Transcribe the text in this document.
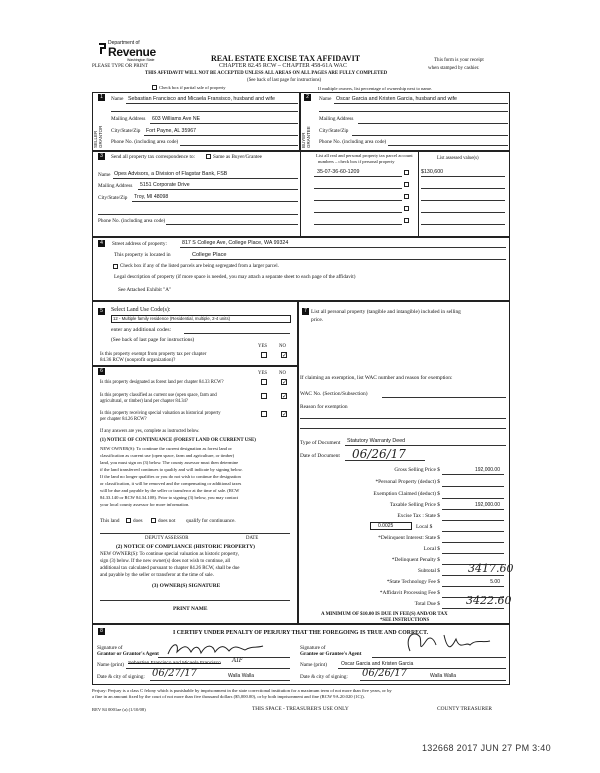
Department of
Revenue
Washington State
PLEASE TYPE OR PRINT
REAL ESTATE EXCISE TAX AFFIDAVIT
CHAPTER 82.45 RCW – CHAPTER 458-61A WAC
THIS AFFIDAVIT WILL NOT BE ACCEPTED UNLESS ALL AREAS ON ALL PAGES ARE FULLY COMPLETED
(See back of last page for instructions)
This form is your receipt
when stamped by cashier.
Check box if partial sale of property	If multiple owners, list percentage of ownership next to name.
1
SELLER GRANTOR
Name Sebastian Francisco and Micaela Fransisco, husband and wife
Mailing Address 603 Williams Ave NE
City/State/Zip Fort Payne, AL 35967
Phone No. (including area code)
2
BUYER GRANTEE
Name Oscar Garcia and Kristen Garcia, husband and wife
Mailing Address
City/State/Zip
Phone No. (including area code)
3	Send all property tax correspondence to:	Same as Buyer/Grantee
Name Opes Advisors, a Division of Flagstar Bank, FSB
Mailing Address 5151 Corporate Drive
City/State/Zip Troy, MI 48098
Phone No. (including area code)
List all real and personal property tax parcel account
numbers – check box if personal property
List assessed value(s)
35-07-36-60-1209	$130,600
4	Street address of property:	817 S College Ave, College Place, WA 99324
This property is located in	College Place
Check box if any of the listed parcels are being segregated from a larger parcel.
Legal description of property (if more space is needed, you may attach a separate sheet to each page of the affidavit)
See Attached Exhibit "A"
5	Select Land Use Code(s):
12 - Multiple family residence (Residential, multiple, 2-4 units)
enter any additional codes:
(See back of last page for instructions)
YES NO
Is this property exempt from property tax per chapter
84.36 RCW (nonprofit organization)?
✓
6	YES NO
Is this property designated as forest land per chapter 84.33 RCW?	✓
Is this property classified as current use (open space, farm and
agricultural, or timber) land per chapter 84.34?
✓
Is this property receiving special valuation as historical property
per chapter 84.26 RCW?
✓
If any answers are yes, complete as instructed below.
(1) NOTICE OF CONTINUANCE (FOREST LAND OR CURRENT USE)
NEW OWNER(S): To continue the current designation as forest land or
classification as current use (open space, farm and agriculture, or timber)
land, you must sign on (3) below. The county assessor must then determine
if the land transferred continues to qualify and will indicate by signing below.
If the land no longer qualifies or you do not wish to continue the designation
or classification, it will be removed and the compensating or additional taxes
will be due and payable by the seller or transferor at the time of sale. (RCW
84.33.140 or RCW 84.34.108). Prior to signing (3) below, you may contact
your local county assessor for more information.
This land	does	does not qualify for continuance.
DEPUTY ASSESSOR	DATE
(2) NOTICE OF COMPLIANCE (HISTORIC PROPERTY)
NEW OWNER(S): To continue special valuation as historic property,
sign (3) below. If the new owner(s) does not wish to continue, all
additional tax calculated pursuant to chapter 84.26 RCW, shall be due
and payable by the seller or transferor at the time of sale.
(3) OWNER(S) SIGNATURE
PRINT NAME
7 List all personal property (tangible and intangible) included in selling
price.
If claiming an exemption, list WAC number and reason for exemption:
WAC No. (Section/Subsection)
Reason for exemption
Type of Document Statutory Warranty Deed
Date of Document 06/26/17
Gross Selling Price $	192,000.00
*Personal Property (deduct) $
Exemption Claimed (deduct) $
Taxable Selling Price $	192,000.00
Excise Tax : State $
0.0025	Local $
*Delinquent Interest: State $
Local $
*Delinquent Penalty $
Subtotal $	3417.60
*State Technology Fee $	5.00
*Affidavit Processing Fee $
Total Due $ 3422.60
A MINIMUM OF $10.00 IS DUE IN FEE(S) AND/OR TAX
*SEE INSTRUCTIONS
8	I CERTIFY UNDER PENALTY OF PERJURY THAT THE FOREGOING IS TRUE AND CORRECT.
Signature of
Grantor or Grantor's Agent
Name (print) Sebastian Francisco and Micaela Francisco AIF
Date & city of signing: 06/27/17	Walla Walla
Signature of
Grantee or Grantee's Agent
Name (print)	Oscar Garcia and Kristen Garcia
Date & city of signing: 06/26/17	Walla Walla
Perjury: Perjury is a class C felony which is punishable by imprisonment in the state correctional institution for a maximum term of not more than five years, or by
a fine in an amount fixed by the court of not more than five thousand dollars ($5,000.00), or by both imprisonment and fine (RCW 9A.20.020 (1C)).
REV 84 0001ae (a) (1/10/08)	THIS SPACE - TREASURER'S USE ONLY	COUNTY TREASURER
132668 2017 JUN 27 PM 3:40
